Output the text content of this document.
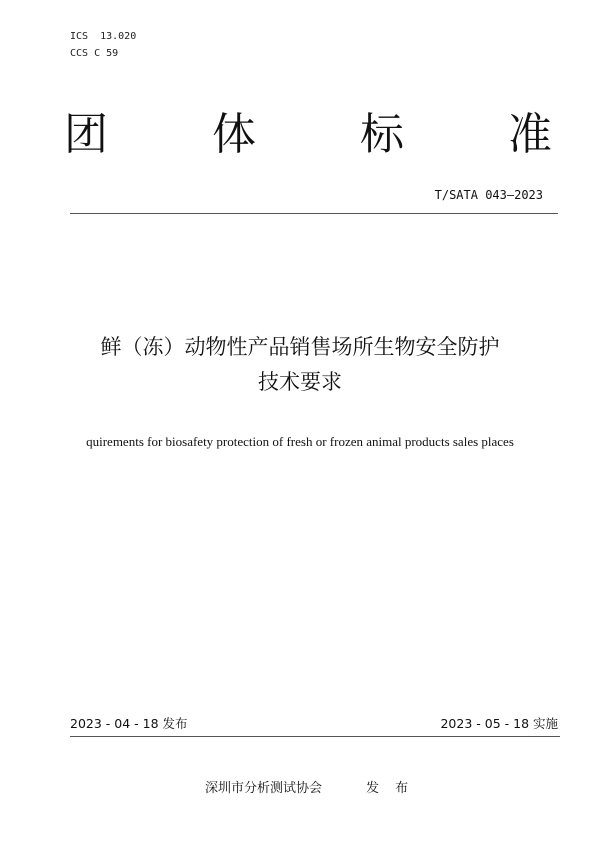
ICS  13.020
CCS C 59
团 体 标 准
T/SATA 043—2023
鲜（冻）动物性产品销售场所生物安全防护
技术要求
quirements for biosafety protection of fresh or frozen animal products sales places
2023 - 04 - 18 发布	2023 - 05 - 18 实施
深圳市分析测试协会	发 布
